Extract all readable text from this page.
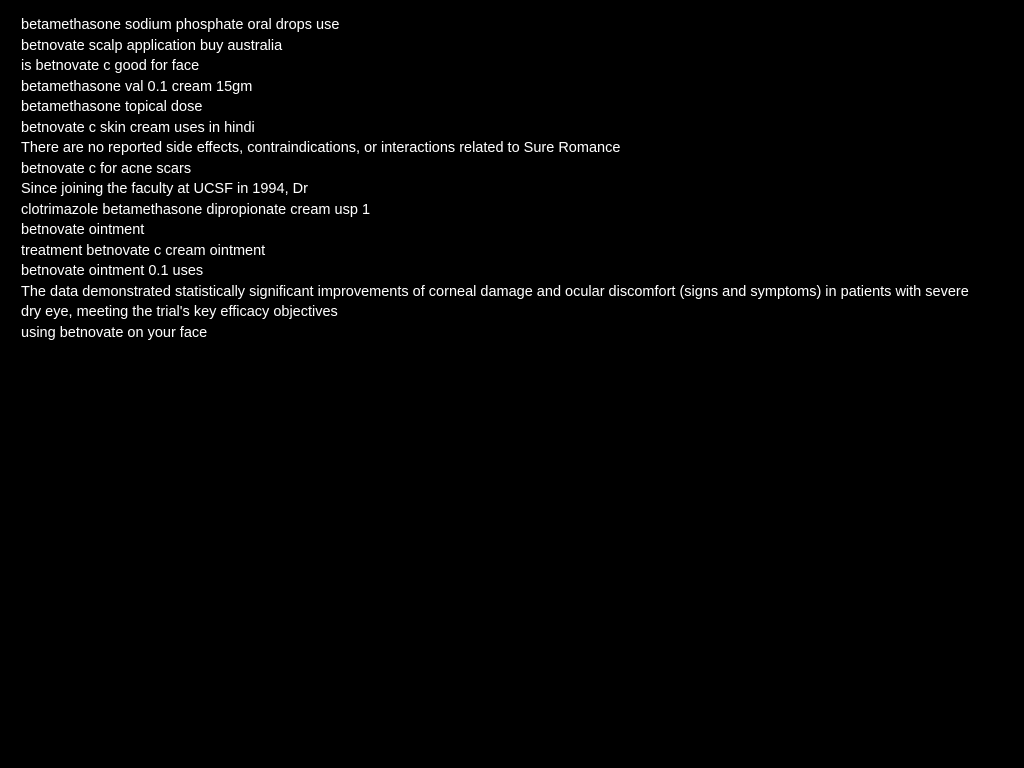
betamethasone sodium phosphate oral drops use
betnovate scalp application buy australia
is betnovate c good for face
betamethasone val 0.1 cream 15gm
betamethasone topical dose
betnovate c skin cream uses in hindi
There are no reported side effects, contraindications, or interactions related to Sure Romance
betnovate c for acne scars
Since joining the faculty at UCSF in 1994, Dr
clotrimazole betamethasone dipropionate cream usp 1
betnovate ointment
treatment betnovate c cream ointment
betnovate ointment 0.1 uses
The data demonstrated statistically significant improvements of corneal damage and ocular discomfort (signs and symptoms) in patients with severe dry eye, meeting the trial's key efficacy objectives
using betnovate on your face
